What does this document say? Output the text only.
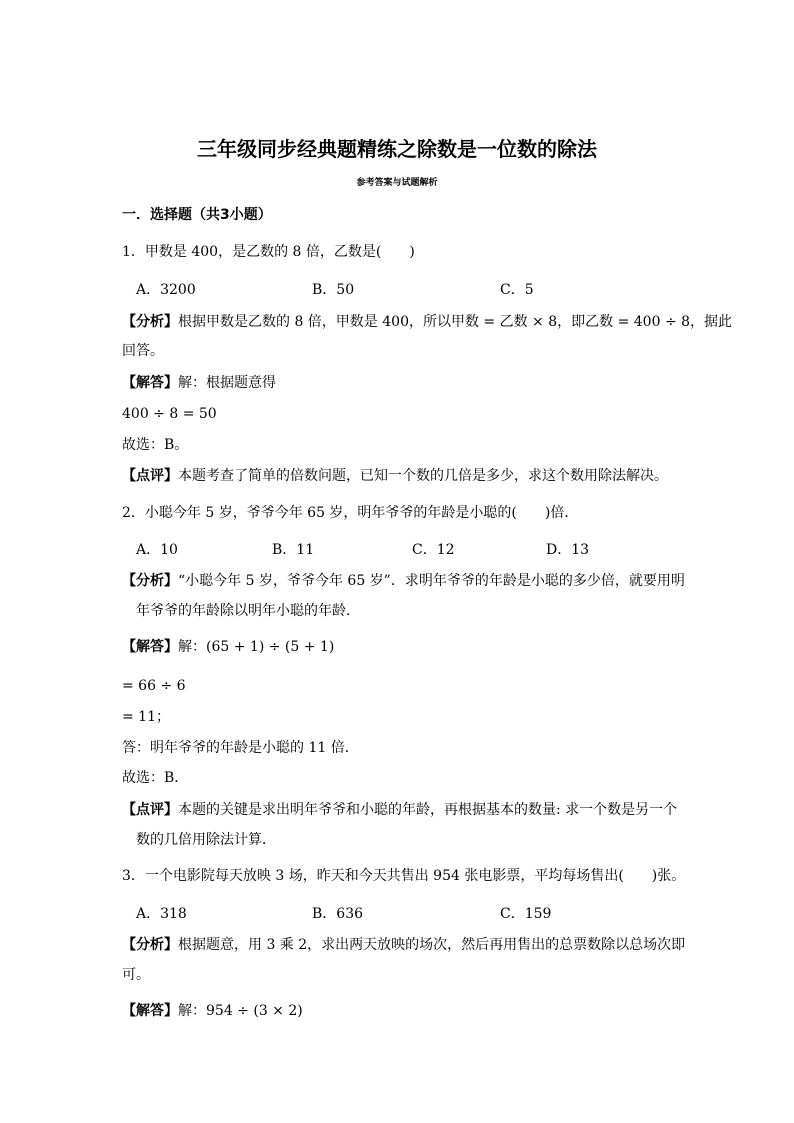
三年级同步经典题精练之除数是一位数的除法
参考答案与试题解析
一．选择题（共3小题）
1．甲数是 400，是乙数的 8 倍，乙数是(　　)
A．3200	B．50	C．5
【分析】根据甲数是乙数的 8 倍，甲数是 400，所以甲数 = 乙数 × 8，即乙数 = 400 ÷ 8，据此
回答。
【解答】解：根据题意得
400 ÷ 8 = 50
故选：B。
【点评】本题考查了简单的倍数问题，已知一个数的几倍是多少，求这个数用除法解决。
2．小聪今年 5 岁，爷爷今年 65 岁，明年爷爷的年龄是小聪的(　　)倍．
A．10	B．11	C．12	D．13
【分析】“小聪今年 5 岁，爷爷今年 65 岁”．求明年爷爷的年龄是小聪的多少倍，就要用明
年爷爷的年龄除以明年小聪的年龄．
【解答】解：(65 + 1) ÷ (5 + 1)
= 66 ÷ 6
= 11；
答：明年爷爷的年龄是小聪的 11 倍．
故选：B．
【点评】本题的关键是求出明年爷爷和小聪的年龄，再根据基本的数量: 求一个数是另一个
数的几倍用除法计算．
3．一个电影院每天放映 3 场，昨天和今天共售出 954 张电影票，平均每场售出(　　)张。
A．318	B．636	C．159
【分析】根据题意，用 3 乘 2，求出两天放映的场次，然后再用售出的总票数除以总场次即
可。
【解答】解：954 ÷ (3 × 2)
